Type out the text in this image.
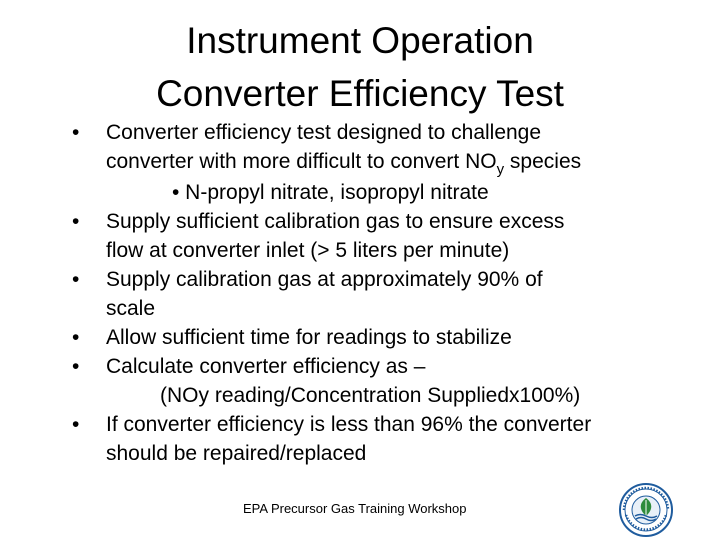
Instrument Operation
Converter Efficiency Test
• Converter efficiency test designed to challenge
converter with more difficult to convert $NO_y$ species
• N-propyl nitrate, isopropyl nitrate
• Supply sufficient calibration gas to ensure excess
flow at converter inlet (> 5 liters per minute)
• Supply calibration gas at approximately 90% of
scale
• Allow sufficient time for readings to stabilize
• Calculate converter efficiency as –
(NOy reading/Concentration Suppliedx100%)
• If converter efficiency is less than 96% the converter
should be repaired/replaced
EPA Precursor Gas Training Workshop
